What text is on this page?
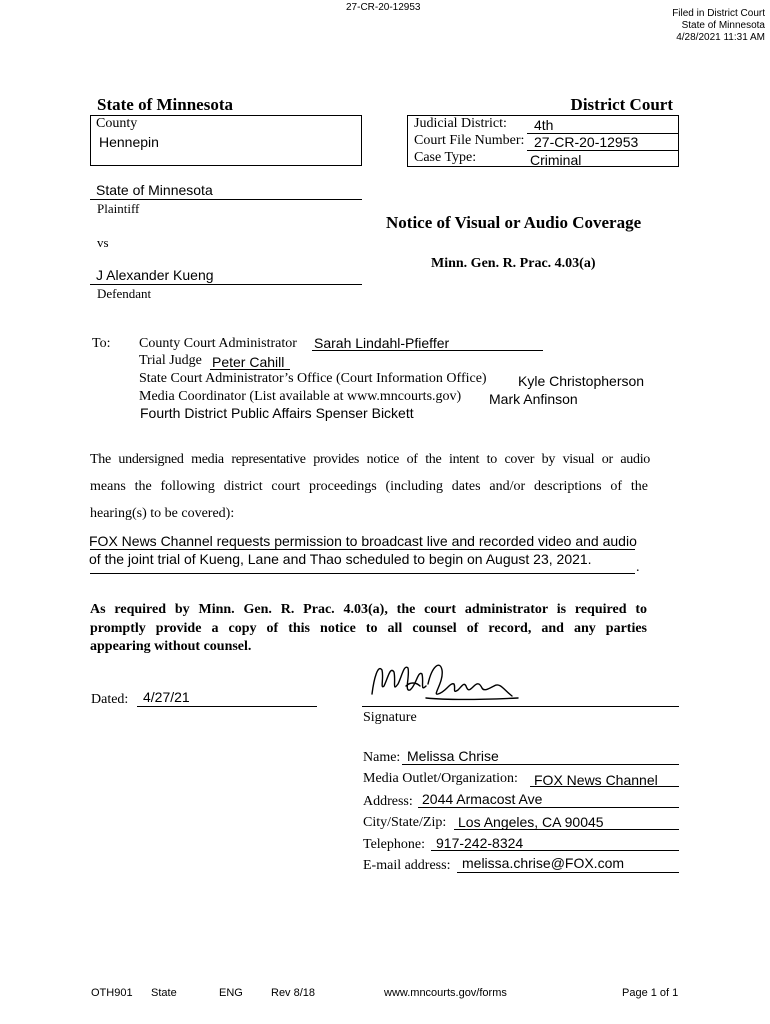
27-CR-20-12953
Filed in District Court
State of Minnesota
4/28/2021 11:31 AM
State of Minnesota	District Court
County
Hennepin
Judicial District: 4th
Court File Number: 27-CR-20-12953
Case Type:	Criminal
State of Minnesota
Plaintiff
vs
J Alexander Kueng
Defendant
Notice of Visual or Audio Coverage
Minn. Gen. R. Prac. 4.03(a)
To: County Court Administrator Sarah Lindahl-Pfieffer
Trial Judge Peter Cahill
State Court Administrator’s Office (Court Information Office) Kyle Christopherson
Media Coordinator (List available at www.mncourts.gov) Mark Anfinson
Fourth District Public Affairs Spenser Bickett
The undersigned media representative provides notice of the intent to cover by visual or audio
means the following district court proceedings (including dates and/or descriptions of the
hearing(s) to be covered):
FOX News Channel requests permission to broadcast live and recorded video and audio
of the joint trial of Kueng, Lane and Thao scheduled to begin on August 23, 2021.
.
As required by Minn. Gen. R. Prac. 4.03(a), the court administrator is required to
promptly provide a copy of this notice to all counsel of record, and any parties
appearing without counsel.
Dated: 4/27/21
Signature
Name: Melissa Chrise
Media Outlet/Organization: FOX News Channel
Address: 2044 Armacost Ave
City/State/Zip: Los Angeles, CA 90045
Telephone: 917-242-8324
E-mail address: melissa.chrise@FOX.com
OTH901 State	ENG	Rev 8/18	www.mncourts.gov/forms	Page 1 of 1
